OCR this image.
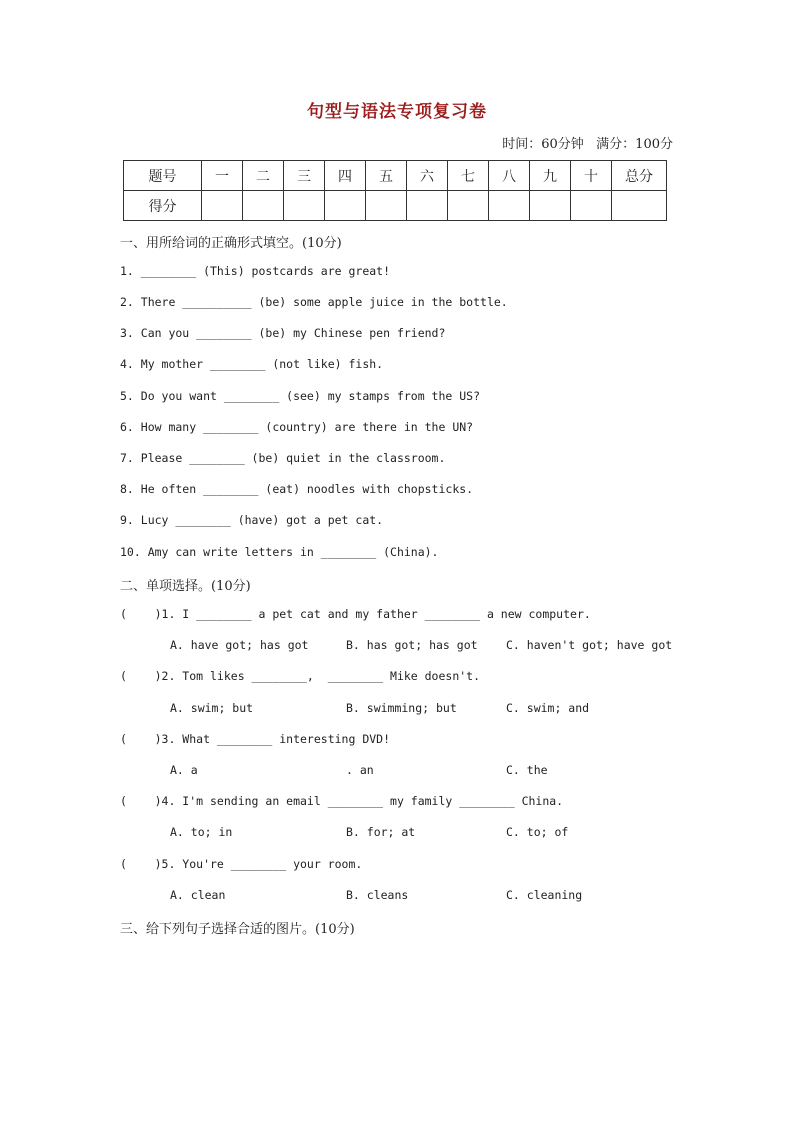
句型与语法专项复习卷
时间：60分钟   满分：100分
题号	一	二	三	四	五	六	七	八	九	十	总分
得分											
一、用所给词的正确形式填空。(10分)
1. ________ (This) postcards are great!
2. There __________ (be) some apple juice in the bottle.
3. Can you ________ (be) my Chinese pen friend?
4. My mother ________ (not like) fish.
5. Do you want ________ (see) my stamps from the US?
6. How many ________ (country) are there in the UN?
7. Please ________ (be) quiet in the classroom.
8. He often ________ (eat) noodles with chopsticks.
9. Lucy ________ (have) got a pet cat.
10. Amy can write letters in ________ (China).
二、单项选择。(10分)
(    )1. I ________ a pet cat and my father ________ a new computer.
A. have got; has got	B. has got; has got C. haven't got; have got
(    )2. Tom likes ________,  ________ Mike doesn't.
A. swim; but	B. swimming; but	C. swim; and
(    )3. What ________ interesting DVD!
A. a	. an	C. the
(    )4. I'm sending an email ________ my family ________ China.
A. to; in	B. for; at	C. to; of
(    )5. You're ________ your room.
A. clean	B. cleans	C. cleaning
三、给下列句子选择合适的图片。(10分)
